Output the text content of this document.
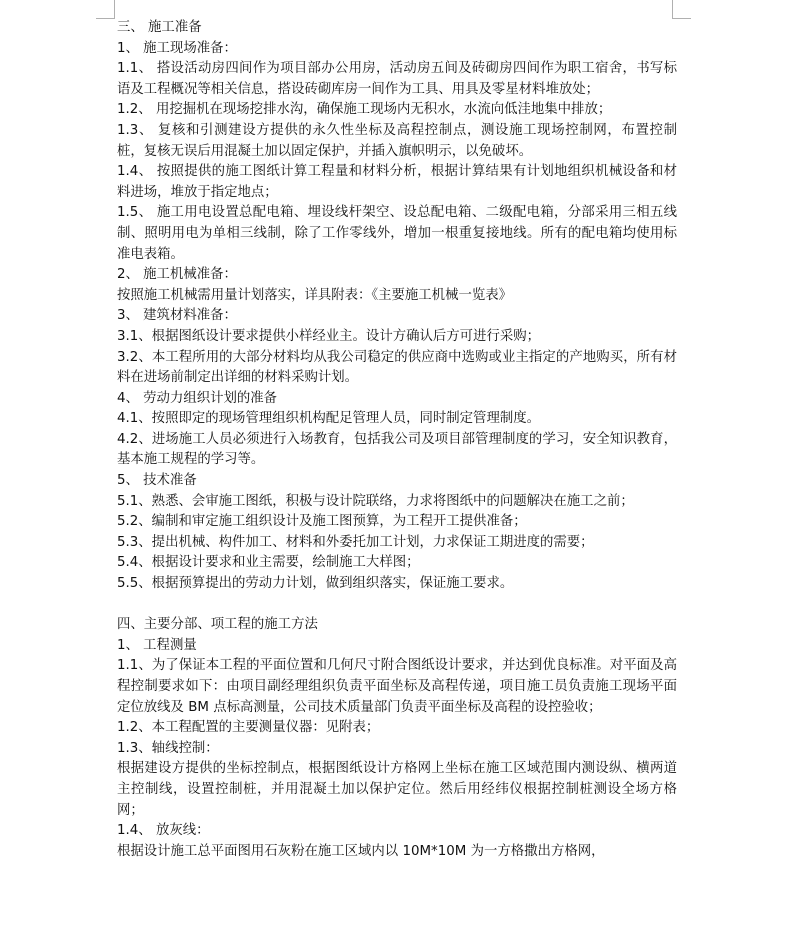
三、 施工准备
1、 施工现场准备：
1.1、 搭设活动房四间作为项目部办公用房，活动房五间及砖砌房四间作为职工宿舍，书写标语及工程概况等相关信息，搭设砖砌库房一间作为工具、用具及零星材料堆放处；
1.2、 用挖掘机在现场挖排水沟，确保施工现场内无积水，水流向低洼地集中排放；
1.3、 复核和引测建设方提供的永久性坐标及高程控制点，测设施工现场控制网，布置控制桩，复核无误后用混凝土加以固定保护，并插入旗帜明示，以免破坏。
1.4、 按照提供的施工图纸计算工程量和材料分析，根据计算结果有计划地组织机械设备和材料进场，堆放于指定地点；
1.5、 施工用电设置总配电箱、埋设线杆架空、设总配电箱、二级配电箱，分部采用三相五线制、照明用电为单相三线制，除了工作零线外，增加一根重复接地线。所有的配电箱均使用标准电表箱。
2、 施工机械准备：
按照施工机械需用量计划落实，详具附表：《主要施工机械一览表》
3、 建筑材料准备：
3.1、根据图纸设计要求提供小样经业主。设计方确认后方可进行采购；
3.2、本工程所用的大部分材料均从我公司稳定的供应商中选购或业主指定的产地购买，所有材料在进场前制定出详细的材料采购计划。
4、 劳动力组织计划的准备
4.1、按照即定的现场管理组织机构配足管理人员，同时制定管理制度。
4.2、进场施工人员必须进行入场教育，包括我公司及项目部管理制度的学习，安全知识教育，基本施工规程的学习等。
5、 技术准备
5.1、熟悉、会审施工图纸，积极与设计院联络，力求将图纸中的问题解决在施工之前；
5.2、编制和审定施工组织设计及施工图预算，为工程开工提供准备；
5.3、提出机械、构件加工、材料和外委托加工计划，力求保证工期进度的需要；
5.4、根据设计要求和业主需要，绘制施工大样图；
5.5、根据预算提出的劳动力计划，做到组织落实，保证施工要求。
四、主要分部、项工程的施工方法
1、 工程测量
1.1、为了保证本工程的平面位置和几何尺寸附合图纸设计要求，并达到优良标准。对平面及高程控制要求如下：由项目副经理组织负责平面坐标及高程传递，项目施工员负责施工现场平面定位放线及 BM 点标高测量，公司技术质量部门负责平面坐标及高程的设控验收；
1.2、本工程配置的主要测量仪器：见附表；
1.3、轴线控制：
根据建设方提供的坐标控制点，根据图纸设计方格网上坐标在施工区域范围内测设纵、横两道主控制线，设置控制桩，并用混凝土加以保护定位。然后用经纬仪根据控制桩测设全场方格网；
1.4、 放灰线：
根据设计施工总平面图用石灰粉在施工区域内以 10M*10M 为一方格撒出方格网，
